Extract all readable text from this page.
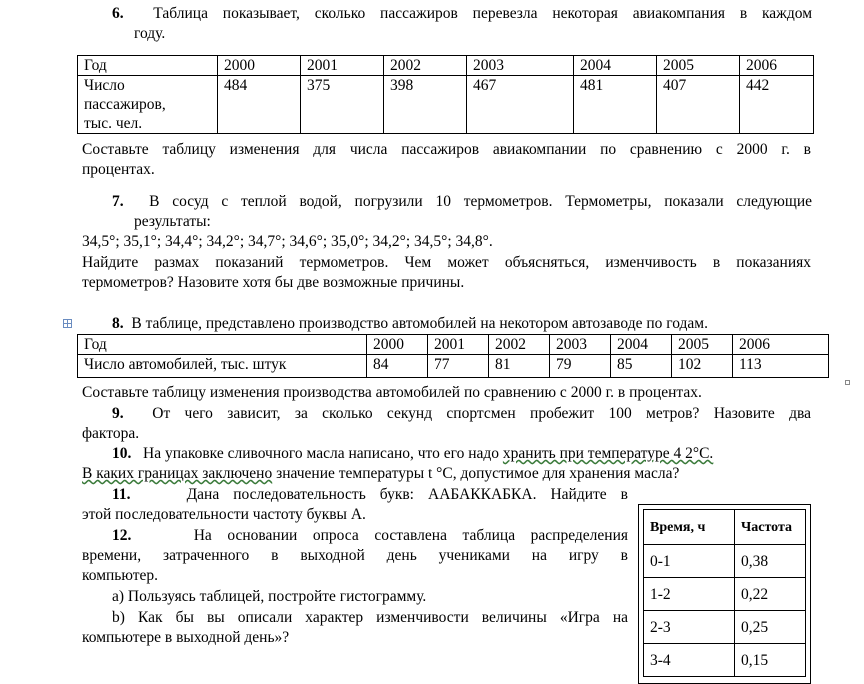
6. Таблица показывает, сколько пассажиров перевезла некоторая авиакомпания в каждом
году.
Год	2000	2001	2002	2003	2004	2005	2006

Число
пассажиров,
тыс. чел.	484	375	398	467	481	407	442
Составьте таблицу изменения для числа пассажиров авиакомпании по сравнению с 2000 г. в
процентах.
7. В сосуд с теплой водой, погрузили 10 термометров. Термометры, показали следующие
результаты:
34,5°; 35,1°; 34,4°; 34,2°; 34,7°; 34,6°; 35,0°; 34,2°; 34,5°; 34,8°.
Найдите размах показаний термометров. Чем может объясняться, изменчивость в показаниях
термометров? Назовите хотя бы две возможные причины.
8. В таблице, представлено производство автомобилей на некотором автозаводе по годам.
Год	2000	2001	2002	2003	2004	2005	2006
Число автомобилей, тыс. штук	84	77	81	79	85	102	113
Составьте таблицу изменения производства автомобилей по сравнению с 2000 г. в процентах.
9. От чего зависит, за сколько секунд спортсмен пробежит 100 метров? Назовите два
фактора.
10. На упаковке сливочного масла написано, что его надо хранить при температуре 4 2°С.
В каких границах заключено значение температуры t °С, допустимое для хранения масла?
11.	Дана последовательность букв: ААБАККАБКА. Найдите в
этой последовательности частоту буквы А.
12.	На основании опроса составлена таблица распределения
времени, затраченного в выходной день учениками на игру в
компьютер.
a) Пользуясь таблицей, постройте гистограмму.
b) Как бы вы описали характер изменчивости величины «Игра на
компьютере в выходной день»?
Время, ч	Частота
0-1	0,38
1-2	0,22
2-3	0,25
3-4	0,15
